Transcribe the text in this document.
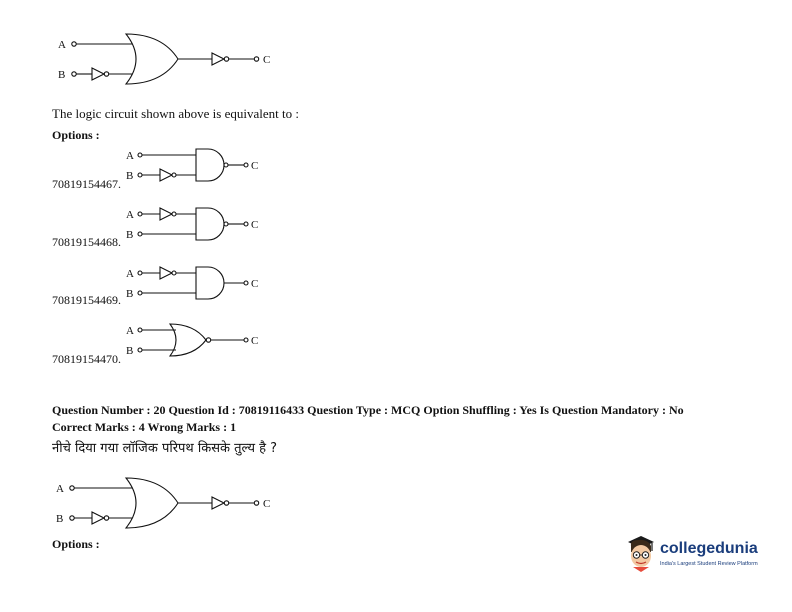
A
B
C
The logic circuit shown above is equivalent to :
Options :
A
B
C
70819154467.
A
B
C
70819154468.
A
B
C
70819154469.
A
B
C
70819154470.
Question Number : 20 Question Id : 70819116433 Question Type : MCQ Option Shuffling : Yes Is Question Mandatory : No
Correct Marks : 4 Wrong Marks : 1
नीचे दिया गया लॉजिक परिपथ किसके तुल्य है ?
A
B
C
Options :	collegedunia
India's Largest Student Review Platform
